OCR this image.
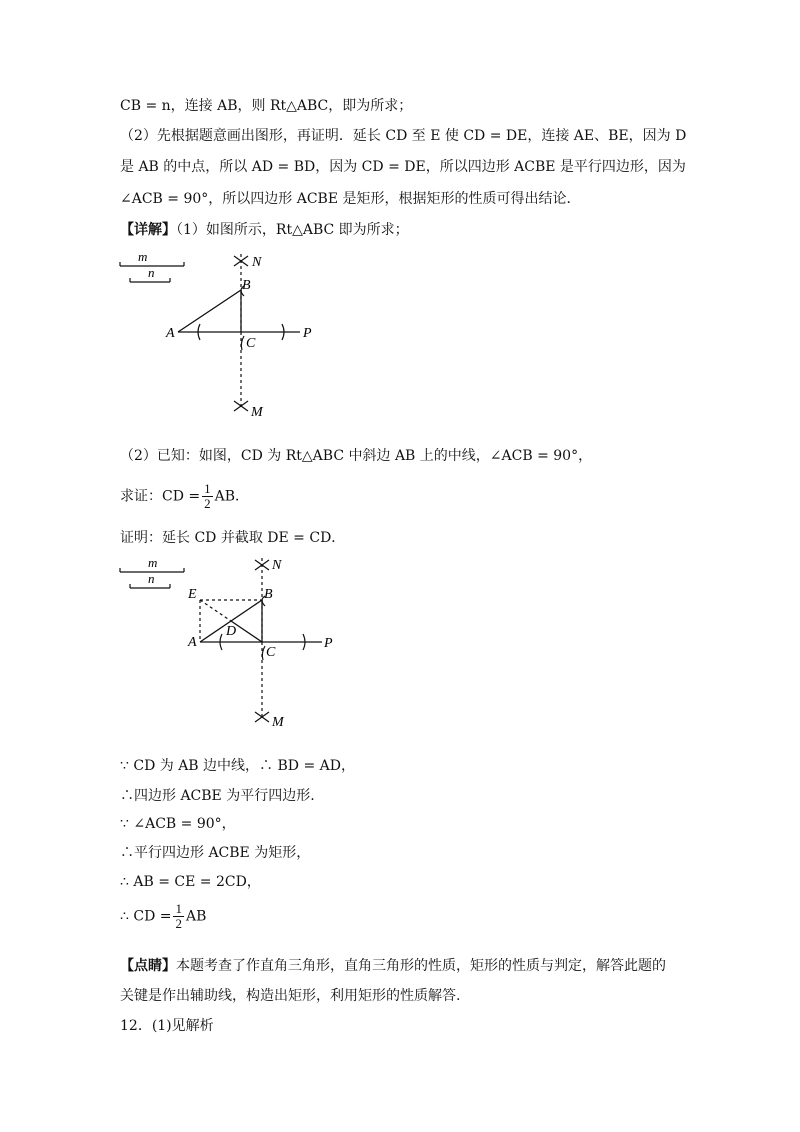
CB = n，连接 AB，则 Rt△ABC，即为所求；
（2）先根据题意画出图形，再证明．延长 CD 至 E 使 CD = DE，连接 AE、BE，因为 D
是 AB 的中点，所以 AD = BD，因为 CD = DE，所以四边形 ACBE 是平行四边形，因为
∠ACB = 90°，所以四边形 ACBE 是矩形，根据矩形的性质可得出结论．
【详解】（1）如图所示，Rt△ABC 即为所求；
m
n
N
M
B
A
C
P
（2）已知：如图，CD 为 Rt△ABC 中斜边 AB 上的中线，∠ACB = 90°，
求证：CD = $\frac{1}{2}$ AB．
证明：延长 CD 并截取 DE = CD．
m
n
N
M
E	B
D
A
C
P
∵ CD 为 AB 边中线，∴ BD = AD，
∴四边形 ACBE 为平行四边形.
∵ ∠ACB = 90°，
∴平行四边形 ACBE 为矩形，
∴ AB = CE = 2CD，
∴ CD = $\frac{1}{2}$ AB
【点睛】本题考查了作直角三角形，直角三角形的性质，矩形的性质与判定，解答此题的
关键是作出辅助线，构造出矩形，利用矩形的性质解答.
12．(1)见解析
